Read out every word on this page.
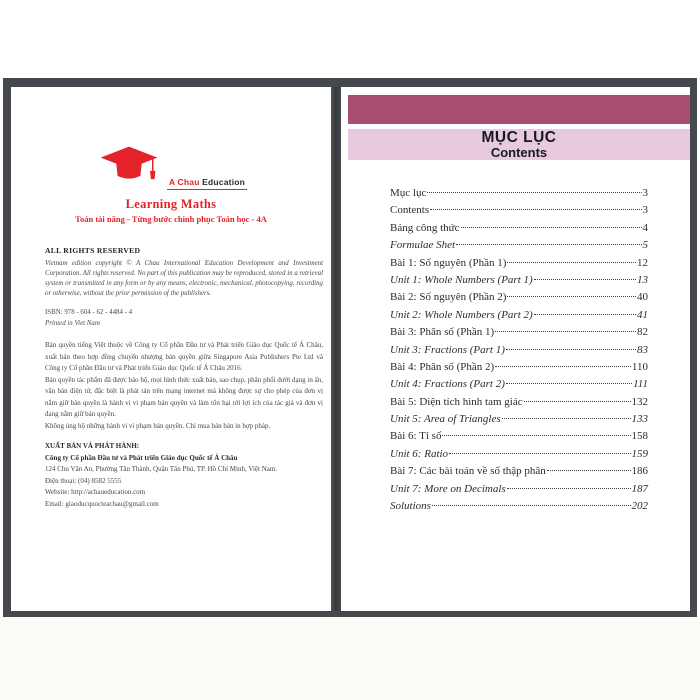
A Chau Education
Learning Maths
Toán tài năng - Từng bước chinh phục Toán học - 4A
ALL RIGHTS RESERVED
Vietnam edition copyright © A Chau International Education Development and Investment Corporation. All rights reserved. No part of this publication may be reproduced, stored in a retrieval system or transmitted in any form or by any means, electronic, mechanical, photocopying, recording or otherwise, without the prior permission of the publishers.
ISBN: 978 - 604 - 62 - 4484 - 4
Printed in Viet Nam

Bản quyền tiếng Việt thuộc về Công ty Cổ phần Đầu tư và Phát triển Giáo dục Quốc tế Á Châu, xuất bản theo hợp đồng chuyển nhượng bản quyền giữa Singapore Asia Publishers Pte Ltd và Công ty Cổ phần Đầu tư và Phát triển Giáo dục Quốc tế Á Châu 2016.

Bản quyền tác phẩm đã được bảo hộ, mọi hình thức xuất bản, sao chụp, phân phối dưới dạng in ấn, văn bản điện tử, đặc biệt là phát tán trên mạng internet mà không được sự cho phép của đơn vị nắm giữ bản quyền là hành vi vi phạm bản quyền và làm tổn hại tới lợi ích của tác giả và đơn vị đang nắm giữ bản quyền.

Không ủng hộ những hành vi vi phạm bản quyền. Chỉ mua bán bản in hợp pháp.

XUẤT BẢN VÀ PHÁT HÀNH:
Công ty Cổ phần Đầu tư và Phát triển Giáo dục Quốc tế Á Châu
124 Chu Văn An, Phường Tân Thành, Quận Tân Phú, TP. Hồ Chí Minh, Việt Nam.
Điện thoại: (04) 8582 5555
Website: http://achaueducation.com
Email: giaoducquocteachau@gmail.com
MỤC LỤC
Contents
Mục lục	3
Contents	3
Bảng công thức	4
Formulae Shet	5
Bài 1: Số nguyên (Phần 1)	12
Unit 1: Whole Numbers (Part 1)	13
Bài 2: Số nguyên (Phần 2)	40
Unit 2: Whole Numbers (Part 2)	41
Bài 3: Phân số (Phần 1)	82
Unit 3: Fractions (Part 1)	83
Bài 4: Phân số (Phần 2)	110
Unit 4: Fractions (Part 2)	111
Bài 5: Diện tích hình tam giác	132
Unit 5: Area of Triangles	133
Bài 6: Tỉ số	158
Unit 6: Ratio	159
Bài 7: Các bài toán về số thập phân	186
Unit 7: More on Decimals	187
Solutions	202
